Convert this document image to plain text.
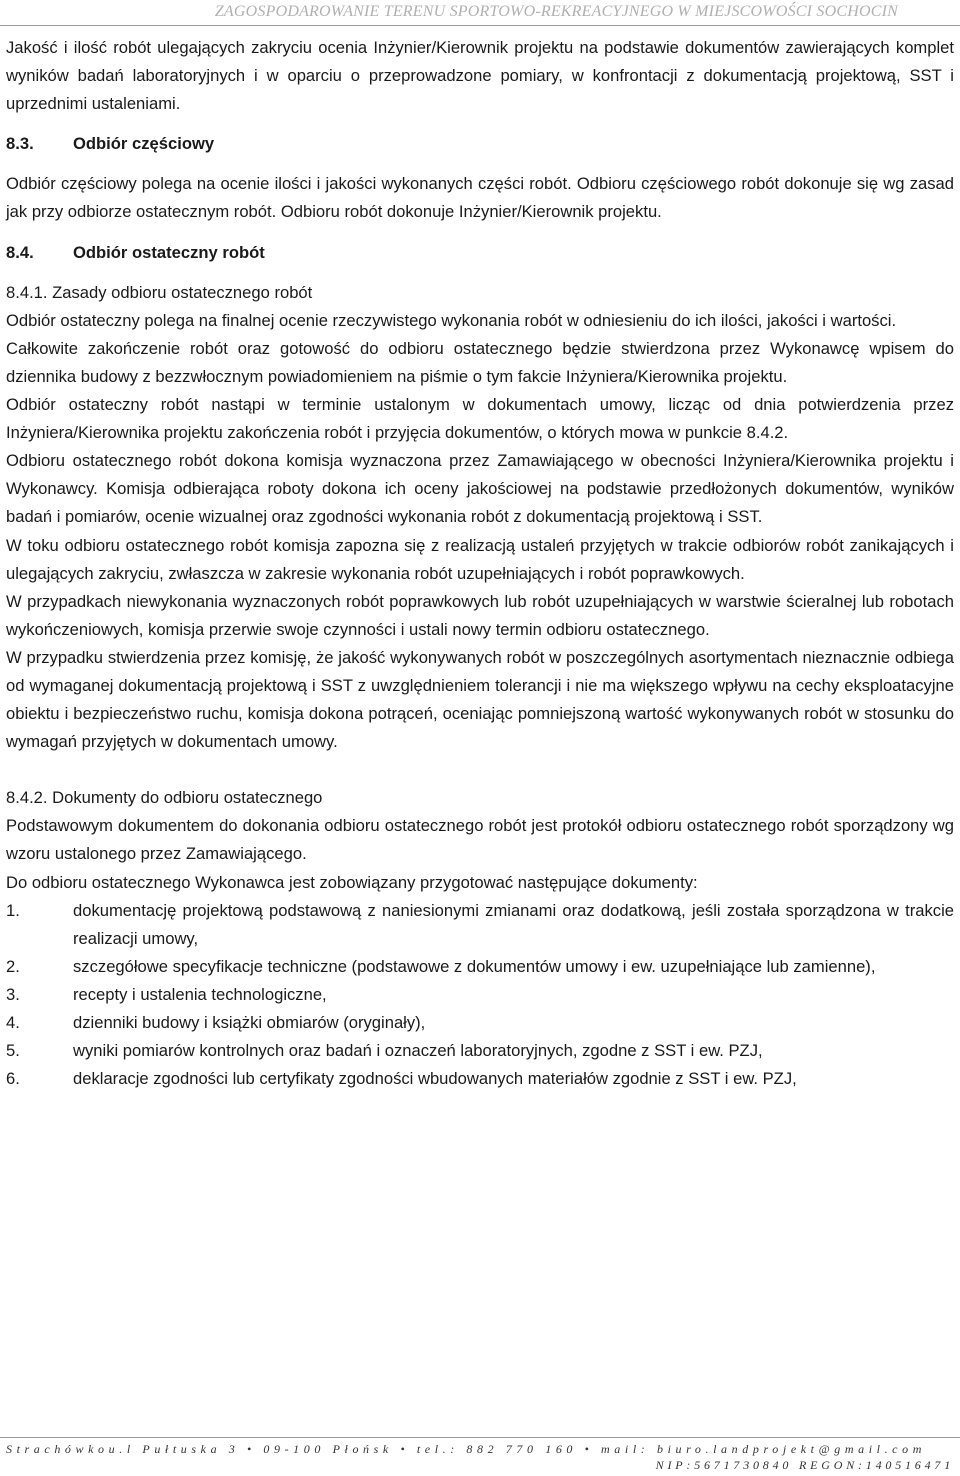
ZAGOSPODAROWANIE TERENU SPORTOWO-REKREACYJNEGO W MIEJSCOWOŚCI SOCHOCIN

Jakość i ilość robót ulegających zakryciu ocenia Inżynier/Kierownik projektu na podstawie dokumentów zawierających komplet wyników badań laboratoryjnych i w oparciu o przeprowadzone pomiary, w konfrontacji z dokumentacją projektową, SST i uprzednimi ustaleniami.

8.3. Odbiór częściowy

Odbiór częściowy polega na ocenie ilości i jakości wykonanych części robót. Odbioru częściowego robót dokonuje się wg zasad jak przy odbiorze ostatecznym robót. Odbioru robót dokonuje Inżynier/Kierownik projektu.

8.4. Odbiór ostateczny robót

8.4.1. Zasady odbioru ostatecznego robót

Odbiór ostateczny polega na finalnej ocenie rzeczywistego wykonania robót w odniesieniu do ich ilości, jakości i wartości.

Całkowite zakończenie robót oraz gotowość do odbioru ostatecznego będzie stwierdzona przez Wykonawcę wpisem do dziennika budowy z bezzwłocznym powiadomieniem na piśmie o tym fakcie Inżyniera/Kierownika projektu.

Odbiór ostateczny robót nastąpi w terminie ustalonym w dokumentach umowy, licząc od dnia potwierdzenia przez Inżyniera/Kierownika projektu zakończenia robót i przyjęcia dokumentów, o których mowa w punkcie 8.4.2.

Odbioru ostatecznego robót dokona komisja wyznaczona przez Zamawiającego w obecności Inżyniera/Kierownika projektu i Wykonawcy. Komisja odbierająca roboty dokona ich oceny jakościowej na podstawie przedłożonych dokumentów, wyników badań i pomiarów, ocenie wizualnej oraz zgodności wykonania robót z dokumentacją projektową i SST.

W toku odbioru ostatecznego robót komisja zapozna się z realizacją ustaleń przyjętych w trakcie odbiorów robót zanikających i ulegających zakryciu, zwłaszcza w zakresie wykonania robót uzupełniających i robót poprawkowych.

W przypadkach niewykonania wyznaczonych robót poprawkowych lub robót uzupełniających w warstwie ścieralnej lub robotach wykończeniowych, komisja przerwie swoje czynności i ustali nowy termin odbioru ostatecznego.

W przypadku stwierdzenia przez komisję, że jakość wykonywanych robót w poszczególnych asortymentach nieznacznie odbiega od wymaganej dokumentacją projektową i SST z uwzględnieniem tolerancji i nie ma większego wpływu na cechy eksploatacyjne obiektu i bezpieczeństwo ruchu, komisja dokona potrąceń, oceniając pomniejszoną wartość wykonywanych robót w stosunku do wymagań przyjętych w dokumentach umowy.

8.4.2. Dokumenty do odbioru ostatecznego

Podstawowym dokumentem do dokonania odbioru ostatecznego robót jest protokół odbioru ostatecznego robót sporządzony wg wzoru ustalonego przez Zamawiającego.

Do odbioru ostatecznego Wykonawca jest zobowiązany przygotować następujące dokumenty:

1.	dokumentację projektową podstawową z naniesionymi zmianami oraz dodatkową, jeśli została sporządzona w trakcie realizacji umowy,
2.	szczegółowe specyfikacje techniczne (podstawowe z dokumentów umowy i ew. uzupełniające lub zamienne),
3.	recepty i ustalenia technologiczne,
4.	dzienniki budowy i książki obmiarów (oryginały),
5.	wyniki pomiarów kontrolnych oraz badań i oznaczeń laboratoryjnych, zgodne z SST i ew. PZJ,
6.	deklaracje zgodności lub certyfikaty zgodności wbudowanych materiałów zgodnie z SST i ew. PZJ,
Strachówkou.l Pułtuska 3 • 09-100 Płońsk • tel.: 882 770 160 • mail: biuro.landprojekt@gmail.com
NIP:5671730840 REGON:140516471
